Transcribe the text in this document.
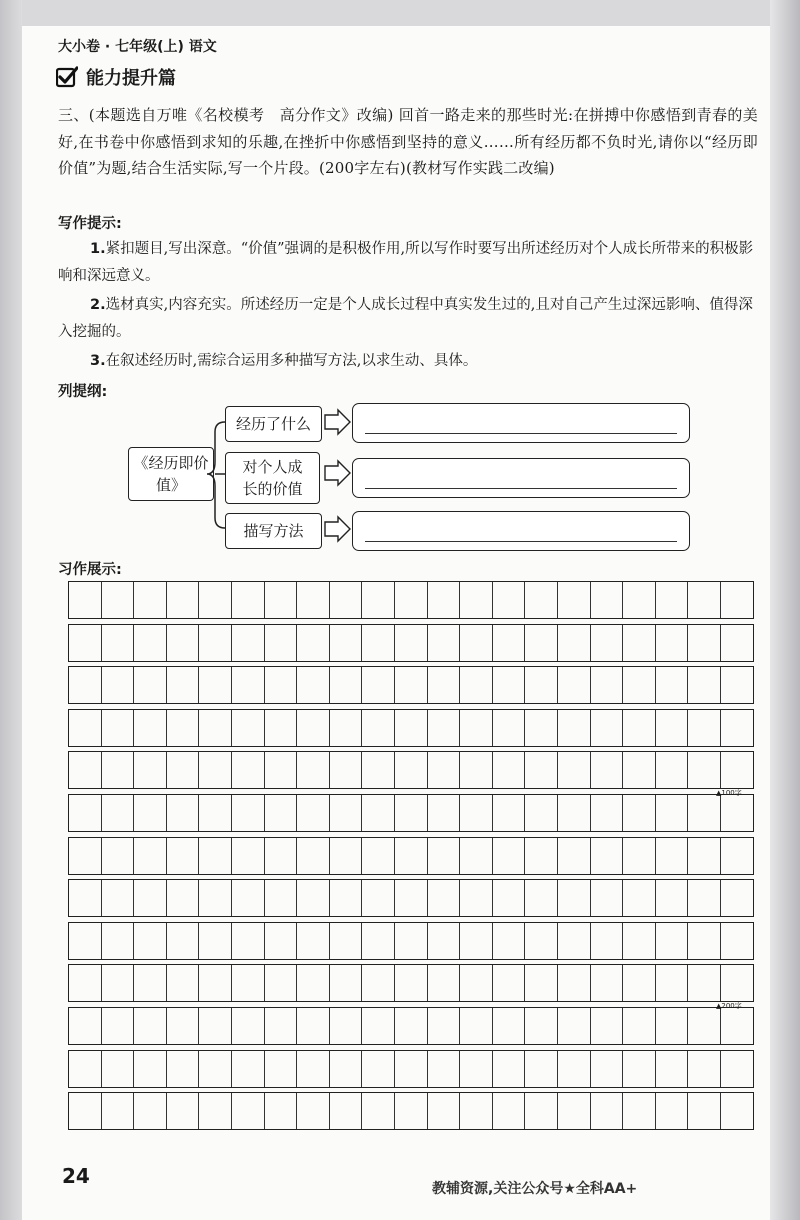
大小卷 · 七年级(上) 语文
能力提升篇
三、(本题选自万唯《名校模考　高分作文》改编) 回首一路走来的那些时光:在拼搏中你感悟到青春的美好,在书卷中你感悟到求知的乐趣,在挫折中你感悟到坚持的意义……所有经历都不负时光,请你以“经历即价值”为题,结合生活实际,写一个片段。(200字左右)(教材写作实践二改编)
写作提示:
1.紧扣题目,写出深意。“价值”强调的是积极作用,所以写作时要写出所述经历对个人成长所带来的积极影响和深远意义。
2.选材真实,内容充实。所述经历一定是个人成长过程中真实发生过的,且对自己产生过深远影响、值得深入挖掘的。
3.在叙述经历时,需综合运用多种描写方法,以求生动、具体。
列提纲:
《经历即价值》
经历了什么
对个人成长的价值
描写方法
习作展示:
▲100字
▲200字
24
教辅资源,关注公众号★全科AA+
